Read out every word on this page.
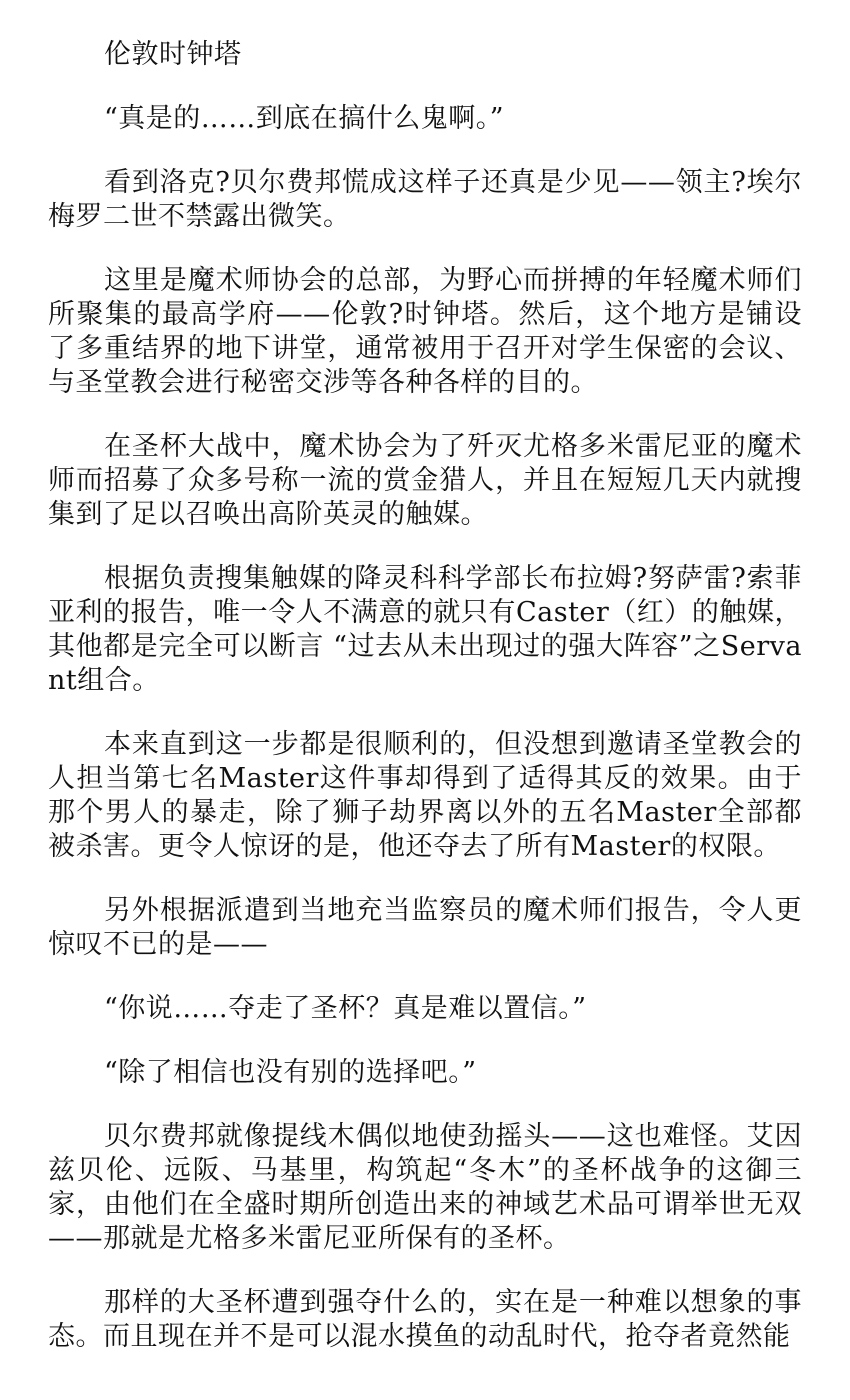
伦敦时钟塔

“真是的……到底在搞什么鬼啊。”

看到洛克?贝尔费邦慌成这样子还真是少见——领主?埃尔梅罗二世不禁露出微笑。

这里是魔术师协会的总部，为野心而拼搏的年轻魔术师们所聚集的最高学府——伦敦?时钟塔。然后，这个地方是铺设了多重结界的地下讲堂，通常被用于召开对学生保密的会议、与圣堂教会进行秘密交涉等各种各样的目的。

在圣杯大战中，魔术协会为了歼灭尤格多米雷尼亚的魔术师而招募了众多号称一流的赏金猎人，并且在短短几天内就搜集到了足以召唤出高阶英灵的触媒。

根据负责搜集触媒的降灵科科学部长布拉姆?努萨雷?索菲亚利的报告，唯一令人不满意的就只有Caster（红）的触媒，其他都是完全可以断言 “过去从未出现过的强大阵容”之Servant组合。

本来直到这一步都是很顺利的，但没想到邀请圣堂教会的人担当第七名Master这件事却得到了适得其反的效果。由于那个男人的暴走，除了狮子劫界离以外的五名Master全部都被杀害。更令人惊讶的是，他还夺去了所有Master的权限。

另外根据派遣到当地充当监察员的魔术师们报告，令人更惊叹不已的是——

“你说……夺走了圣杯？真是难以置信。”

“除了相信也没有别的选择吧。”

贝尔费邦就像提线木偶似地使劲摇头——这也难怪。艾因兹贝伦、远阪、马基里，构筑起“冬木”的圣杯战争的这御三家，由他们在全盛时期所创造出来的神域艺术品可谓举世无双——那就是尤格多米雷尼亚所保有的圣杯。

那样的大圣杯遭到强夺什么的，实在是一种难以想象的事态。而且现在并不是可以混水摸鱼的动乱时代，抢夺者竟然能
